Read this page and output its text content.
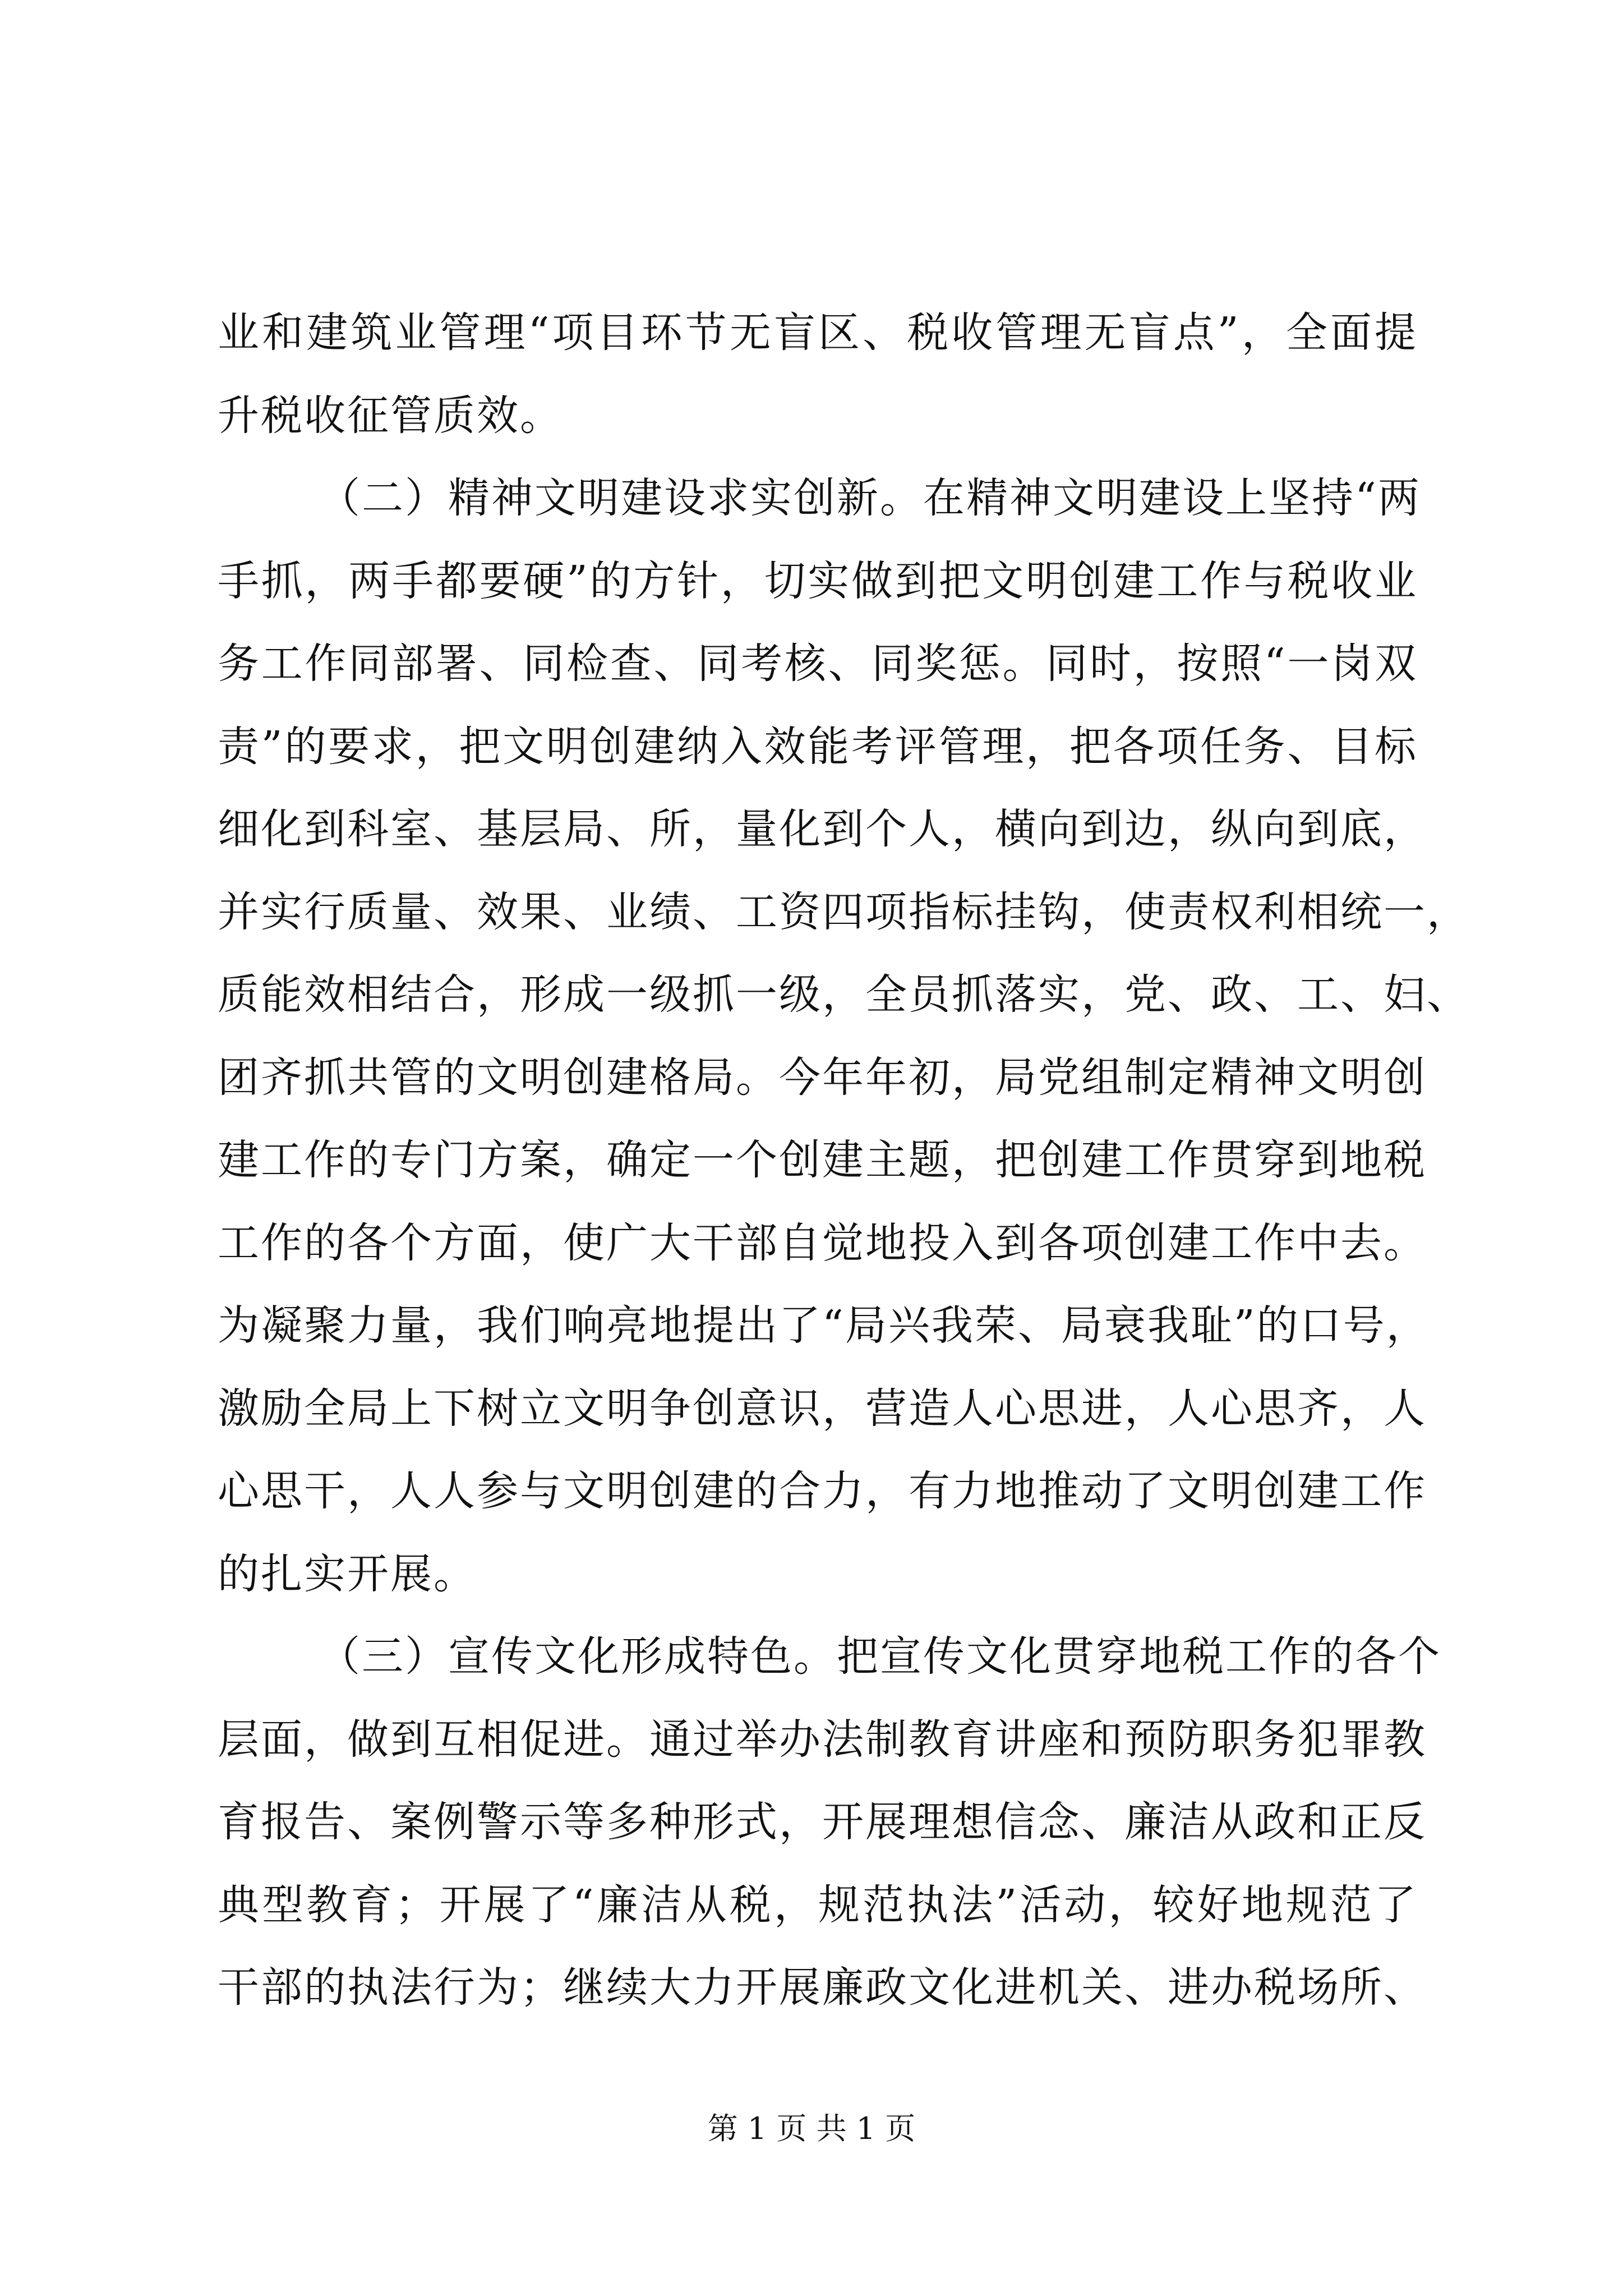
业和建筑业管理“项目环节无盲区、税收管理无盲点”，全面提
升税收征管质效。
（二）精神文明建设求实创新。在精神文明建设上坚持“两
手抓，两手都要硬”的方针，切实做到把文明创建工作与税收业
务工作同部署、同检查、同考核、同奖惩。同时，按照“一岗双
责”的要求，把文明创建纳入效能考评管理，把各项任务、目标
细化到科室、基层局、所，量化到个人，横向到边，纵向到底，
并实行质量、效果、业绩、工资四项指标挂钩，使责权利相统一，
质能效相结合，形成一级抓一级，全员抓落实，党、政、工、妇、
团齐抓共管的文明创建格局。今年年初，局党组制定精神文明创
建工作的专门方案，确定一个创建主题，把创建工作贯穿到地税
工作的各个方面，使广大干部自觉地投入到各项创建工作中去。
为凝聚力量，我们响亮地提出了“局兴我荣、局衰我耻”的口号，
激励全局上下树立文明争创意识，营造人心思进，人心思齐，人
心思干，人人参与文明创建的合力，有力地推动了文明创建工作
的扎实开展。
（三）宣传文化形成特色。把宣传文化贯穿地税工作的各个
层面，做到互相促进。通过举办法制教育讲座和预防职务犯罪教
育报告、案例警示等多种形式，开展理想信念、廉洁从政和正反
典型教育；开展了“廉洁从税，规范执法”活动，较好地规范了
干部的执法行为；继续大力开展廉政文化进机关、进办税场所、
第 1 页 共 1 页
